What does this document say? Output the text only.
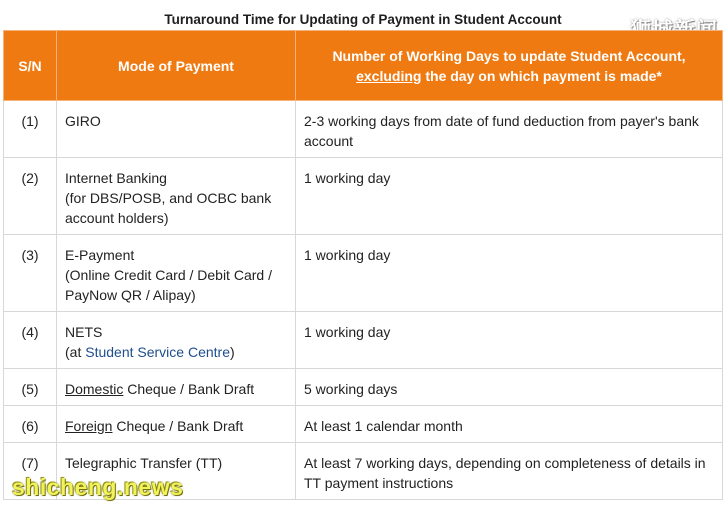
Turnaround Time for Updating of Payment in Student Account
S/N	Mode of Payment	Number of Working Days to update Student Account,
excluding the day on which payment is made*
(1)	GIRO	2-3 working days from date of fund deduction from payer's bank account
(2)	Internet Banking
(for DBS/POSB, and OCBC bank account holders)	1 working day
(3)	E-Payment
(Online Credit Card / Debit Card / PayNow QR / Alipay)	1 working day
(4)	NETS
(at Student Service Centre)	1 working day
(5)	Domestic Cheque / Bank Draft	5 working days
(6)	Foreign Cheque / Bank Draft	At least 1 calendar month
(7)	Telegraphic Transfer (TT)	At least 7 working days, depending on completeness of details in TT payment instructions
shicheng.news
